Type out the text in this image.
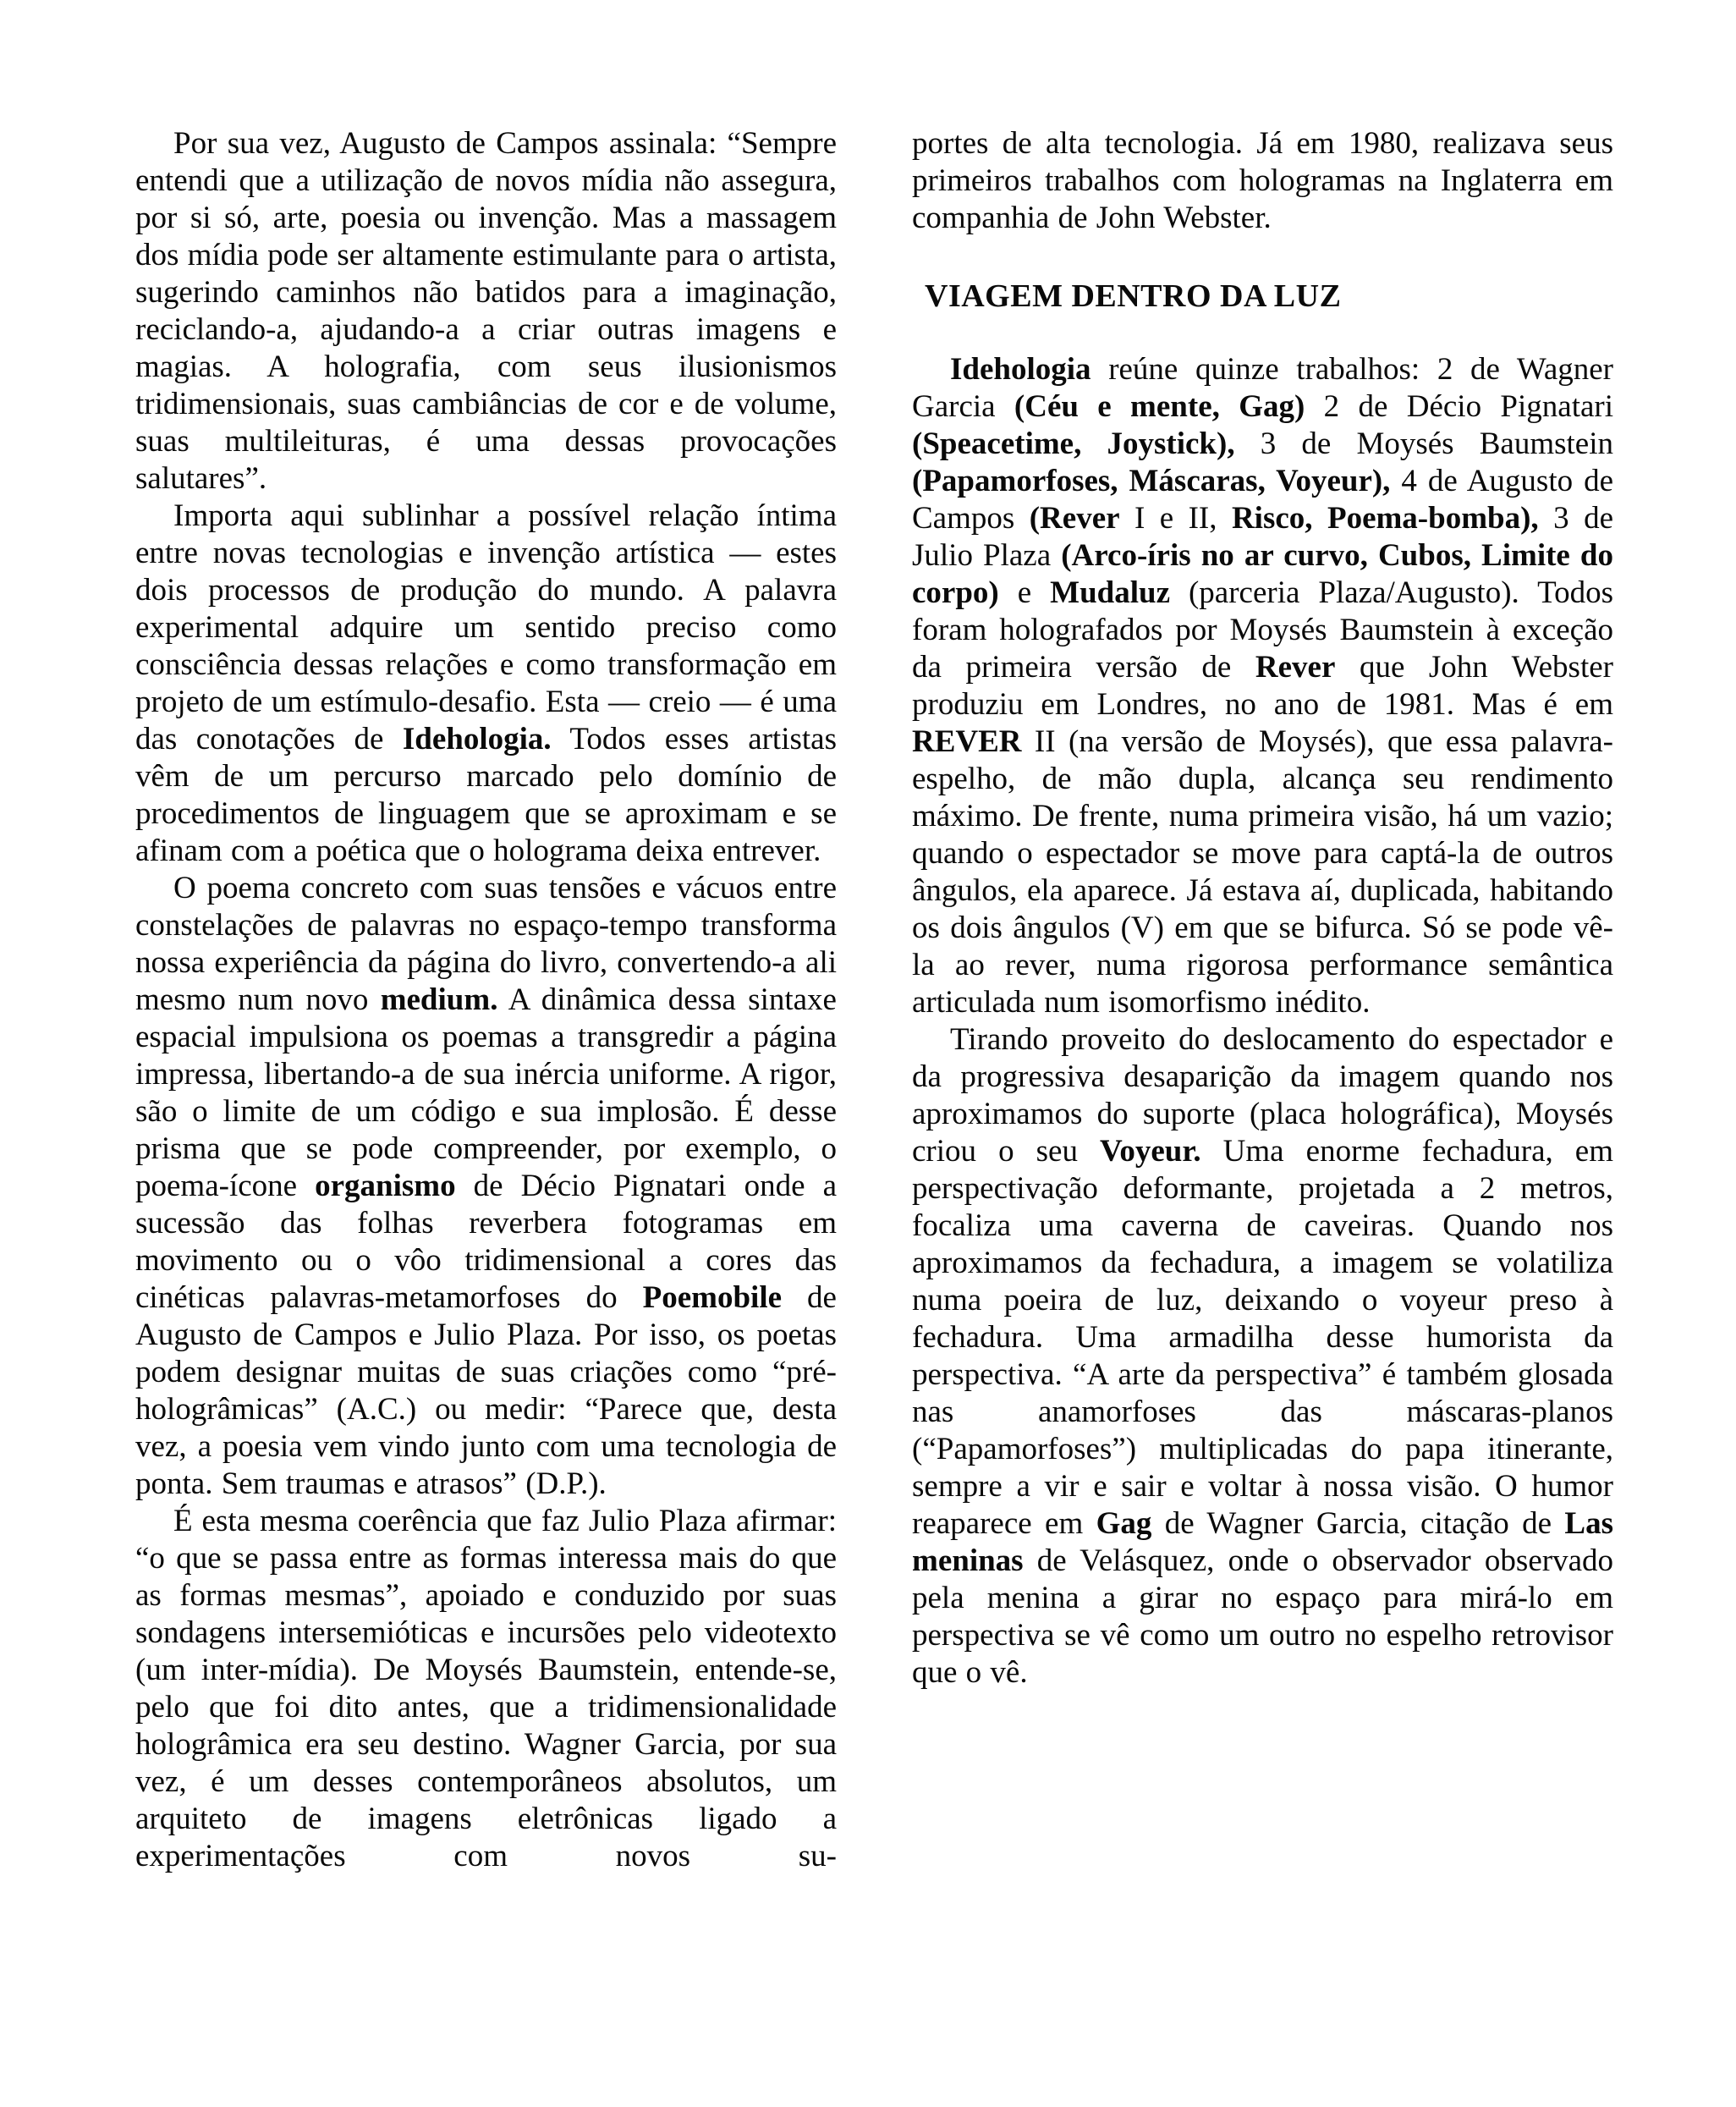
Por sua vez, Augusto de Campos assinala: “Sempre entendi que a utilização de novos mídia não assegura, por si só, arte, poesia ou invenção. Mas a massagem dos mídia pode ser altamente estimulante para o artista, sugerindo caminhos não batidos para a imaginação, reciclando-a, ajudando-a a criar outras imagens e magias. A holografia, com seus ilusionismos tridimensionais, suas cambiâncias de cor e de volume, suas multileituras, é uma dessas provocações salutares”.

Importa aqui sublinhar a possível relação íntima entre novas tecnologias e invenção artística — estes dois processos de produção do mundo. A palavra experimental adquire um sentido preciso como consciência dessas relações e como transformação em projeto de um estímulo-desafio. Esta — creio — é uma das conotações de Idehologia. Todos esses artistas vêm de um percurso marcado pelo domínio de procedimentos de linguagem que se aproximam e se afinam com a poética que o holograma deixa entrever.

O poema concreto com suas tensões e vácuos entre constelações de palavras no espaço-tempo transforma nossa experiência da página do livro, convertendo-a ali mesmo num novo medium. A dinâmica dessa sintaxe espacial impulsiona os poemas a transgredir a página impressa, libertando-a de sua inércia uniforme. A rigor, são o limite de um código e sua implosão. É desse prisma que se pode compreender, por exemplo, o poema-ícone organismo de Décio Pignatari onde a sucessão das folhas reverbera fotogramas em movimento ou o vôo tridimensional a cores das cinéticas palavras-metamorfoses do Poemobile de Augusto de Campos e Julio Plaza. Por isso, os poetas podem designar muitas de suas criações como “pré-hologrâmicas” (A.C.) ou medir: “Parece que, desta vez, a poesia vem vindo junto com uma tecnologia de ponta. Sem traumas e atrasos” (D.P.).

É esta mesma coerência que faz Julio Plaza afirmar: “o que se passa entre as formas interessa mais do que as formas mesmas”, apoiado e conduzido por suas sondagens intersemióticas e incursões pelo videotexto (um inter-mídia). De Moysés Baumstein, entende-se, pelo que foi dito antes, que a tridimensionalidade hologrâmica era seu destino. Wagner Garcia, por sua vez, é um desses contemporâneos absolutos, um arquiteto de imagens eletrônicas ligado a experimentações com novos su-

portes de alta tecnologia. Já em 1980, realizava seus primeiros trabalhos com hologramas na Inglaterra em companhia de John Webster.

VIAGEM DENTRO DA LUZ

Idehologia reúne quinze trabalhos: 2 de Wagner Garcia (Céu e mente, Gag) 2 de Décio Pignatari (Speacetime, Joystick), 3 de Moysés Baumstein (Papamorfoses, Máscaras, Voyeur), 4 de Augusto de Campos (Rever I e II, Risco, Poema-bomba), 3 de Julio Plaza (Arco-íris no ar curvo, Cubos, Limite do corpo) e Mudaluz (parceria Plaza/Augusto). Todos foram holografados por Moysés Baumstein à exceção da primeira versão de Rever que John Webster produziu em Londres, no ano de 1981. Mas é em REVER II (na versão de Moysés), que essa palavra-espelho, de mão dupla, alcança seu rendimento máximo. De frente, numa primeira visão, há um vazio; quando o espectador se move para captá-la de outros ângulos, ela aparece. Já estava aí, duplicada, habitando os dois ângulos (V) em que se bifurca. Só se pode vê-la ao rever, numa rigorosa performance semântica articulada num isomorfismo inédito.

Tirando proveito do deslocamento do espectador e da progressiva desaparição da imagem quando nos aproximamos do suporte (placa holográfica), Moysés criou o seu Voyeur. Uma enorme fechadura, em perspectivação deformante, projetada a 2 metros, focaliza uma caverna de caveiras. Quando nos aproximamos da fechadura, a imagem se volatiliza numa poeira de luz, deixando o voyeur preso à fechadura. Uma armadilha desse humorista da perspectiva. “A arte da perspectiva” é também glosada nas anamorfoses das máscaras-planos (“Papamorfoses”) multiplicadas do papa itinerante, sempre a vir e sair e voltar à nossa visão. O humor reaparece em Gag de Wagner Garcia, citação de Las meninas de Velásquez, onde o observador observado pela menina a girar no espaço para mirá-lo em perspectiva se vê como um outro no espelho retrovisor que o vê.
